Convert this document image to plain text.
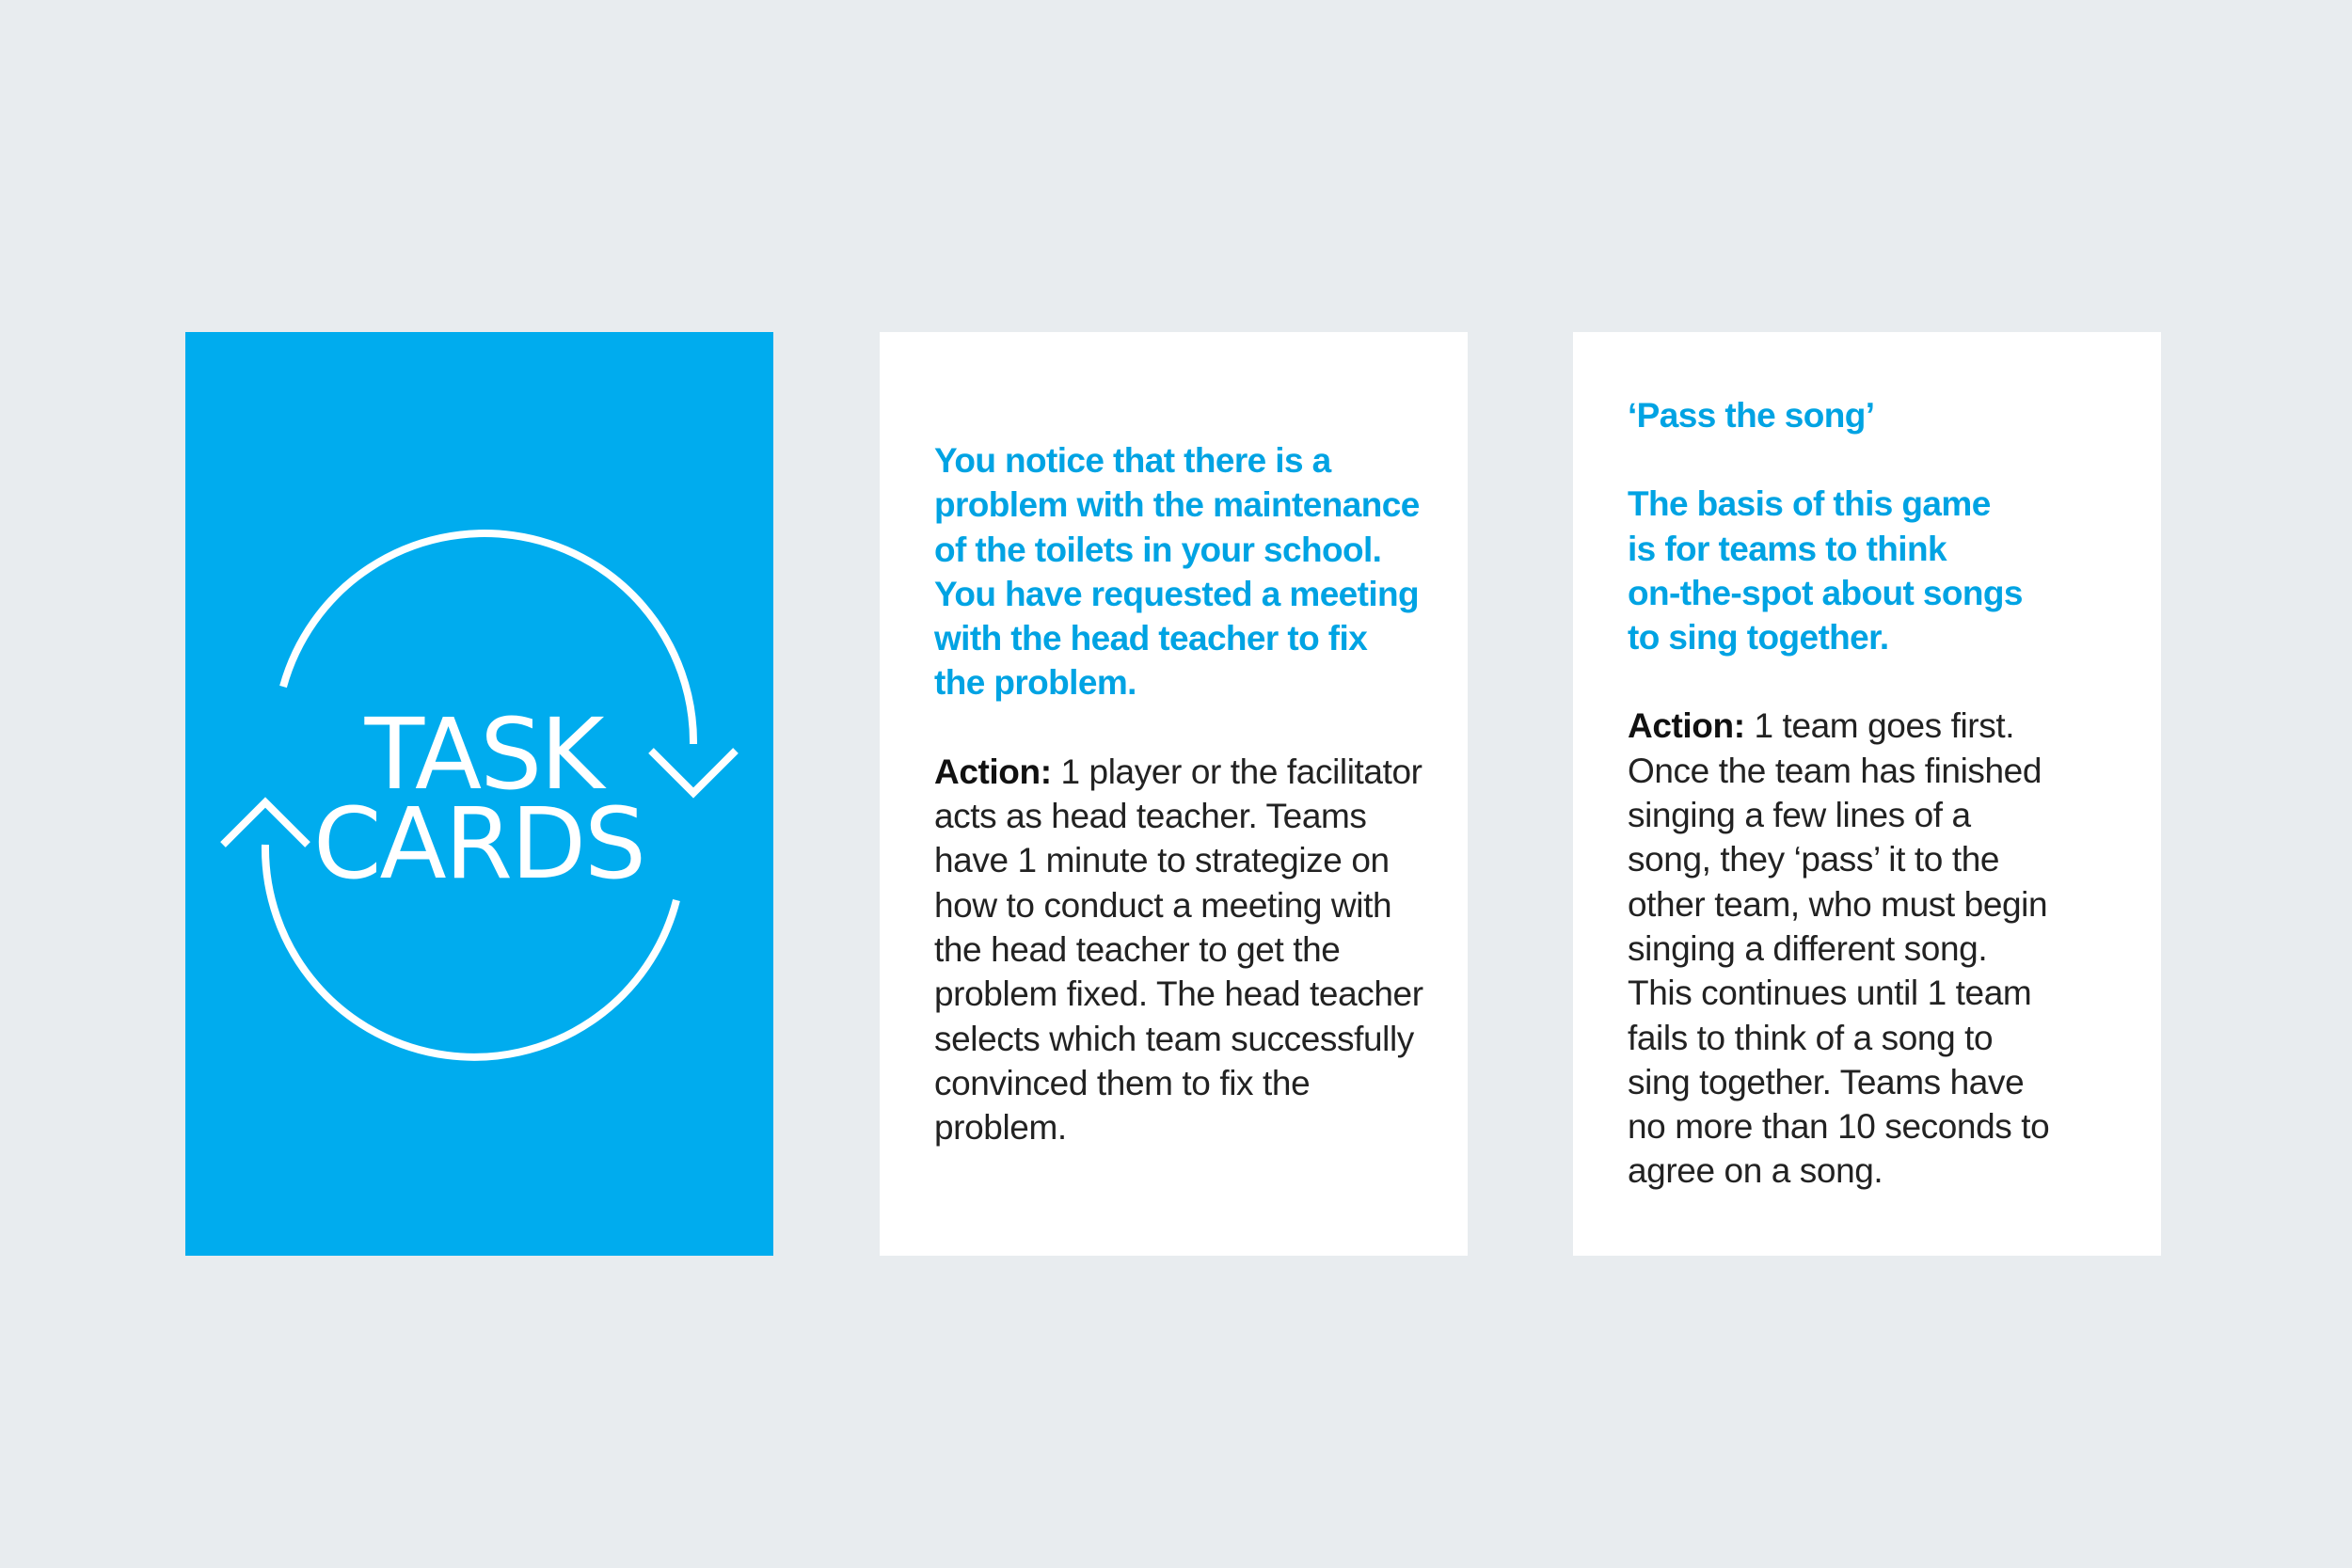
TASK
CARDS

You notice that there is a
problem with the maintenance
of the toilets in your school.
You have requested a meeting
with the head teacher to fix
the problem.

Action: 1 player or the facilitator
acts as head teacher. Teams
have 1 minute to strategize on
how to conduct a meeting with
the head teacher to get the
problem fixed. The head teacher
selects which team successfully
convinced them to fix the
problem.

‘Pass the song’

The basis of this game
is for teams to think
on-the-spot about songs
to sing together.

Action: 1 team goes first.
Once the team has finished
singing a few lines of a
song, they ‘pass’ it to the
other team, who must begin
singing a different song.
This continues until 1 team
fails to think of a song to
sing together. Teams have
no more than 10 seconds to
agree on a song.
